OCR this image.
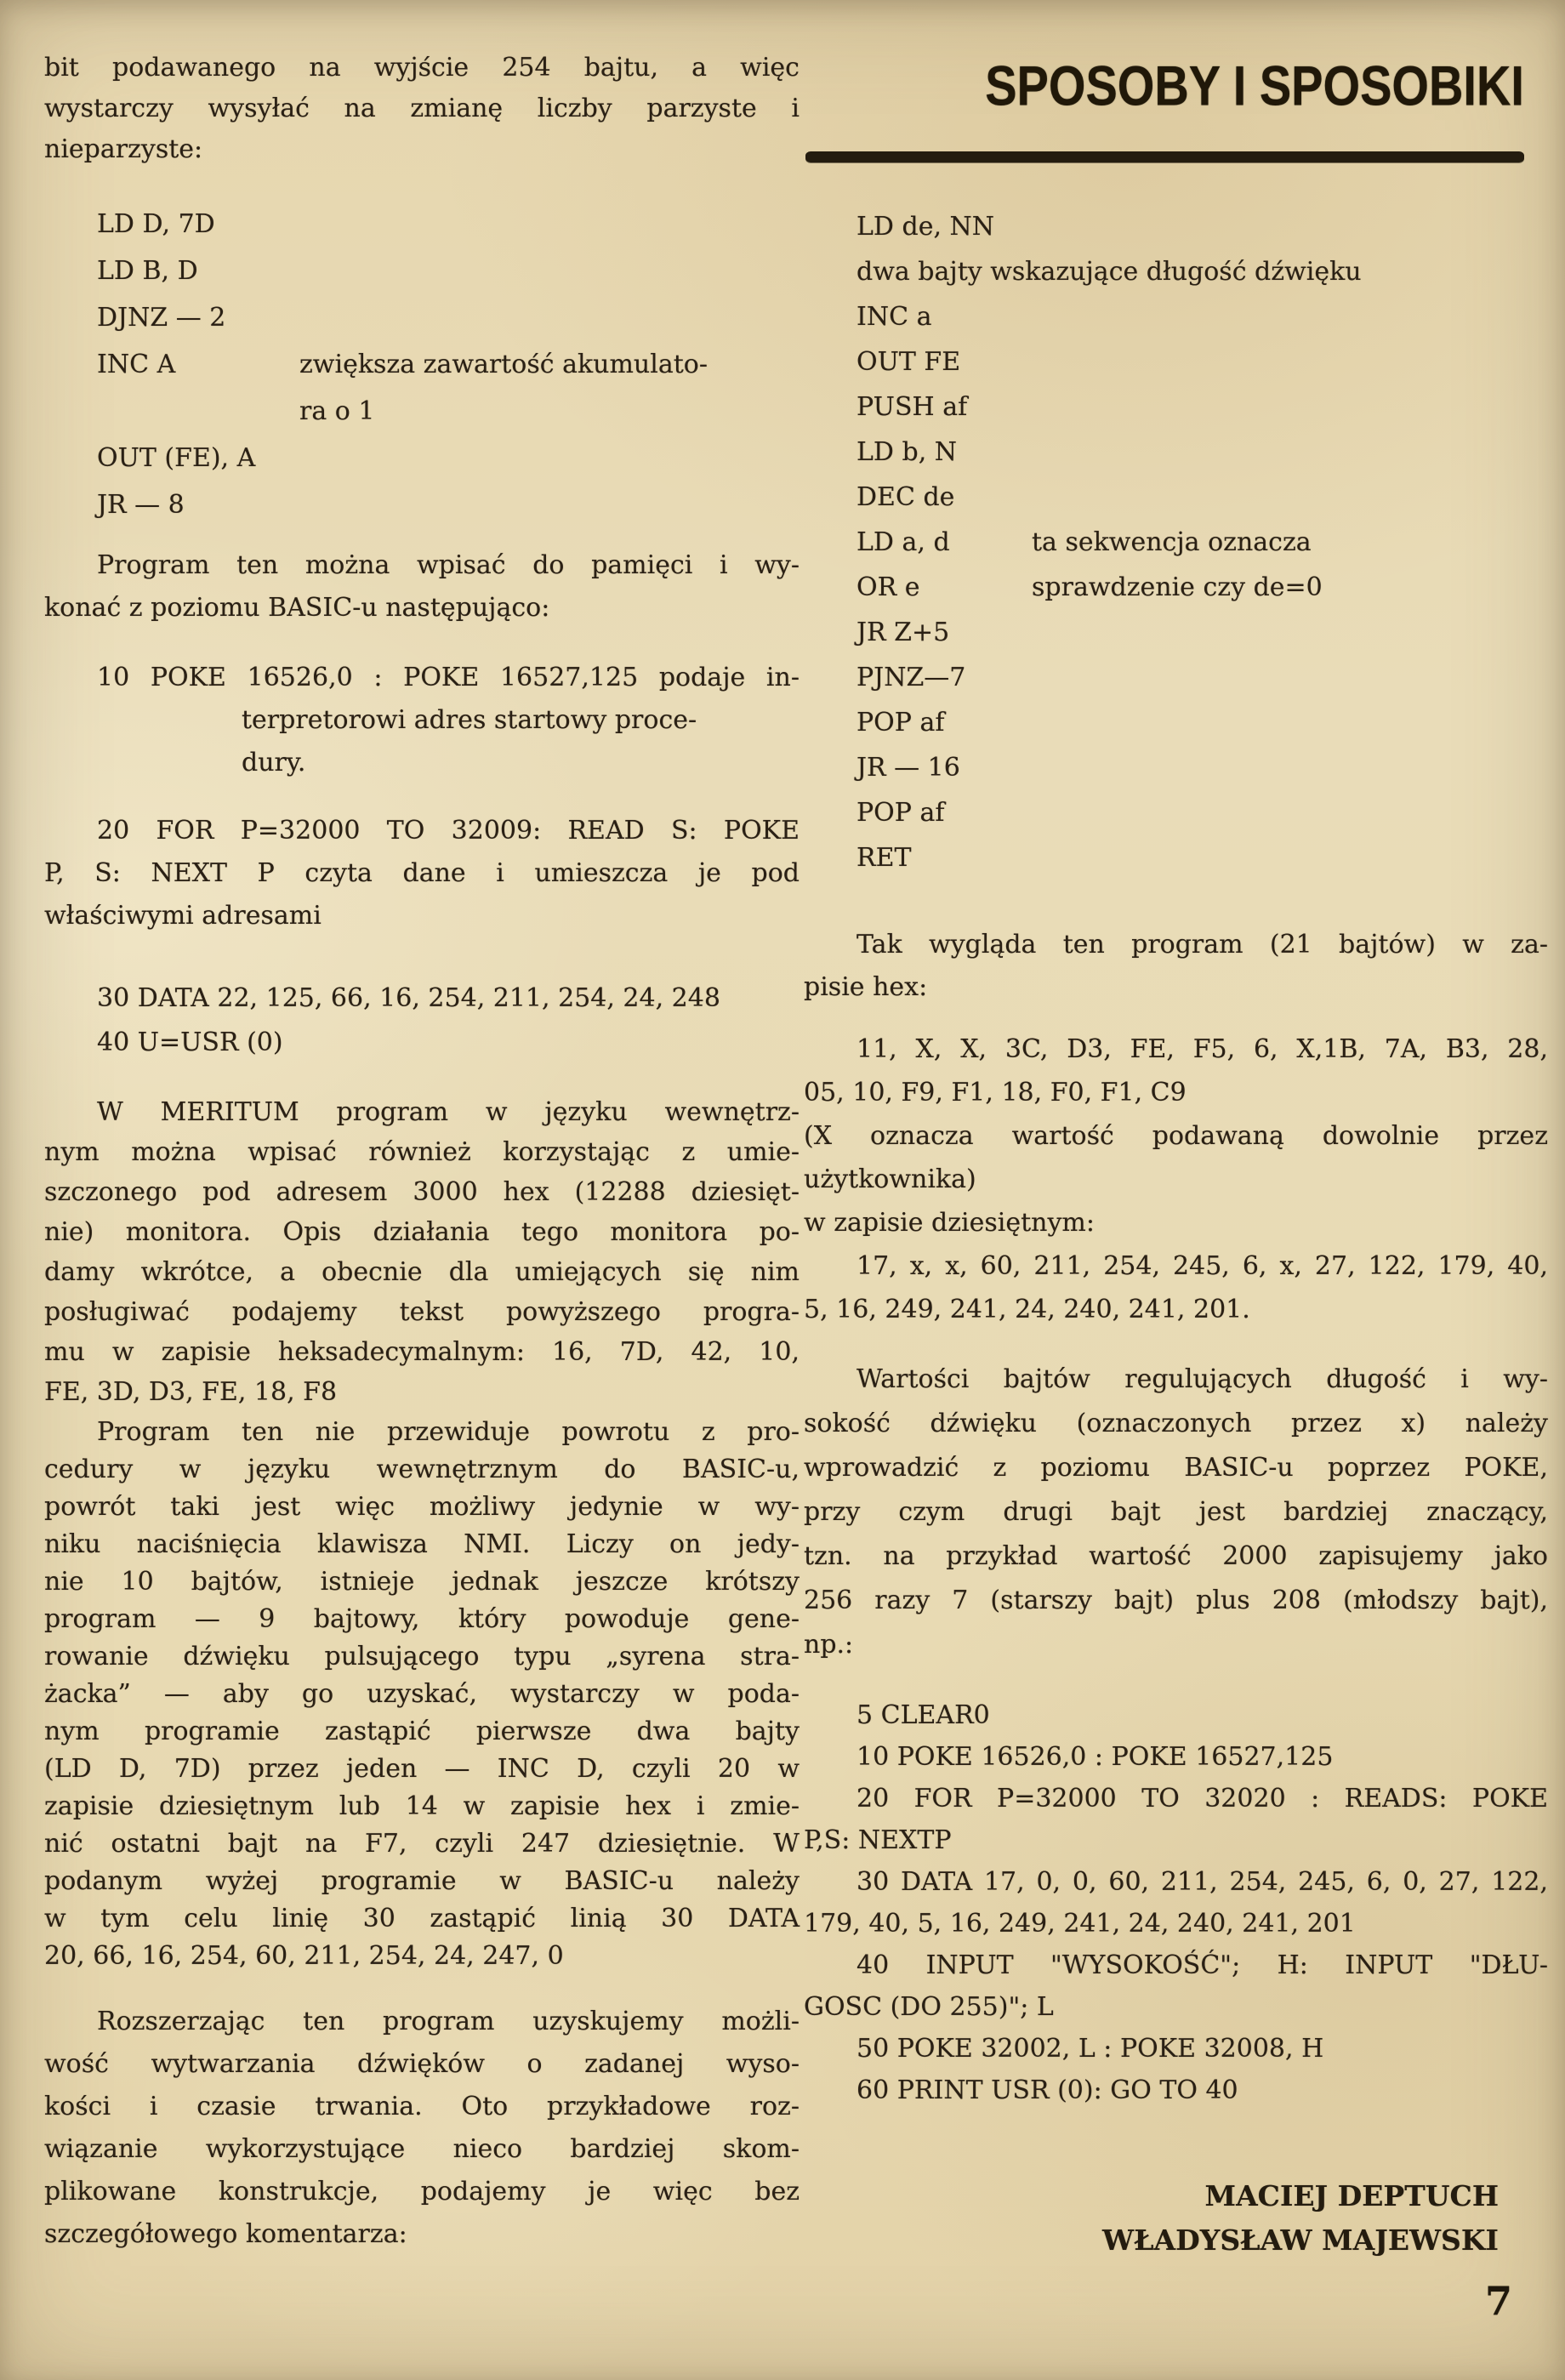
bit podawanego na wyjście 254 bajtu, a więc
wystarczy wysyłać na zmianę liczby parzyste i
nieparzyste:
LD D, 7D
LD B, D
DJNZ — 2
INC A	zwiększa zawartość akumulato-

ra o 1
OUT (FE), A
JR — 8
Program ten można wpisać do pamięci i wy-
konać z poziomu BASIC-u następująco:
10 POKE 16526,0 : POKE 16527,125 podaje in-
terpretorowi adres startowy proce-
dury.
20 FOR P=32000 TO 32009: READ S: POKE
P, S: NEXT P czyta dane i umieszcza je pod
właściwymi adresami
30 DATA 22, 125, 66, 16, 254, 211, 254, 24, 248
40 U=USR (0)
W MERITUM program w języku wewnętrz-
nym można wpisać również korzystając z umie-
szczonego pod adresem 3000 hex (12288 dziesięt-
nie) monitora. Opis działania tego monitora po-
damy wkrótce, a obecnie dla umiejących się nim
posługiwać podajemy tekst powyższego progra-
mu w zapisie heksadecymalnym: 16, 7D, 42, 10,
FE, 3D, D3, FE, 18, F8
Program ten nie przewiduje powrotu z pro-
cedury w języku wewnętrznym do BASIC-u,
powrót taki jest więc możliwy jedynie w wy-
niku naciśnięcia klawisza NMI. Liczy on jedy-
nie 10 bajtów, istnieje jednak jeszcze krótszy
program — 9 bajtowy, który powoduje gene-
rowanie dźwięku pulsującego typu „syrena stra-
żacka” — aby go uzyskać, wystarczy w poda-
nym programie zastąpić pierwsze dwa bajty
(LD D, 7D) przez jeden — INC D, czyli 20 w
zapisie dziesiętnym lub 14 w zapisie hex i zmie-
nić ostatni bajt na F7, czyli 247 dziesiętnie. W
podanym wyżej programie w BASIC-u należy
w tym celu linię 30 zastąpić linią 30 DATA
20, 66, 16, 254, 60, 211, 254, 24, 247, 0
Rozszerzając ten program uzyskujemy możli-
wość wytwarzania dźwięków o zadanej wyso-
kości i czasie trwania. Oto przykładowe roz-
wiązanie wykorzystujące nieco bardziej skom-
plikowane konstrukcje, podajemy je więc bez
szczegółowego komentarza:
SPOSOBY I SPOSOBIKI
LD de, NN
dwa bajty wskazujące długość dźwięku
INC a
OUT FE
PUSH af
LD b, N
DEC de
LD a, d	ta sekwencja oznacza
OR e	sprawdzenie czy de=0
JR Z+5
PJNZ—7
POP af
JR — 16
POP af
RET
Tak wygląda ten program (21 bajtów) w za-
pisie hex:
11, X, X, 3C, D3, FE, F5, 6, X,1B, 7A, B3, 28,
05, 10, F9, F1, 18, F0, F1, C9
(X oznacza wartość podawaną dowolnie przez
użytkownika)
w zapisie dziesiętnym:
17, x, x, 60, 211, 254, 245, 6, x, 27, 122, 179, 40,
5, 16, 249, 241, 24, 240, 241, 201.
Wartości bajtów regulujących długość i wy-
sokość dźwięku (oznaczonych przez x) należy
wprowadzić z poziomu BASIC-u poprzez POKE,
przy czym drugi bajt jest bardziej znaczący,
tzn. na przykład wartość 2000 zapisujemy jako
256 razy 7 (starszy bajt) plus 208 (młodszy bajt),
np.:
5 CLEAR0
10 POKE 16526,0 : POKE 16527,125
20 FOR P=32000 TO 32020 : READS: POKE
P,S: NEXTP
30 DATA 17, 0, 0, 60, 211, 254, 245, 6, 0, 27, 122,
179, 40, 5, 16, 249, 241, 24, 240, 241, 201
40 INPUT "WYSOKOŚĆ"; H: INPUT "DŁU-
GOSC (DO 255)"; L
50 POKE 32002, L : POKE 32008, H
60 PRINT USR (0): GO TO 40
MACIEJ DEPTUCH
WŁADYSŁAW MAJEWSKI
7
